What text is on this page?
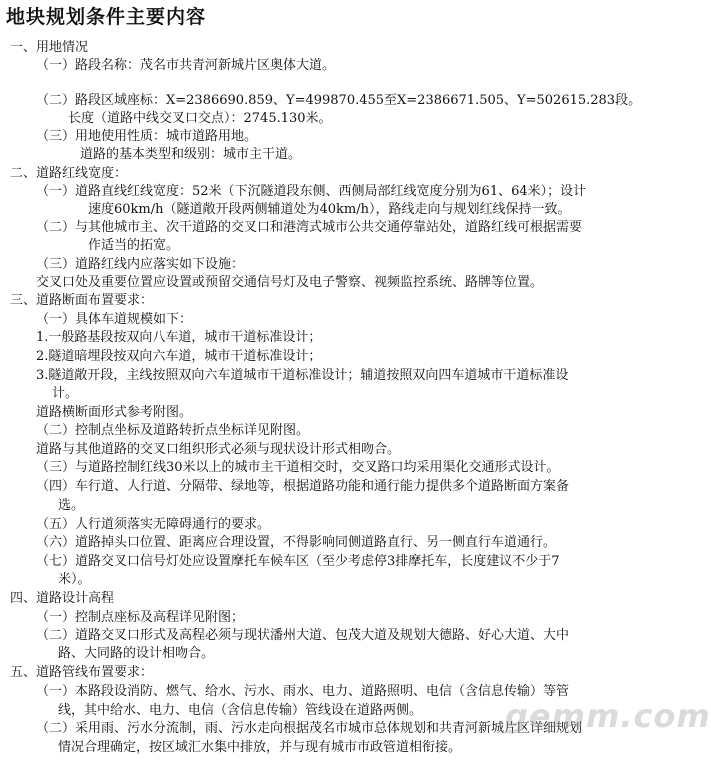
地块规划条件主要内容
一、用地情况
（一）路段名称：茂名市共青河新城片区奥体大道。
（二）路段区域座标：X=2386690.859、Y=499870.455至X=2386671.505、Y=502615.283段。
长度（道路中线交叉口交点）：2745.130米。
（三）用地使用性质：城市道路用地。
道路的基本类型和级别：城市主干道。
二、道路红线宽度：
（一）道路直线红线宽度：52米（下沉隧道段东侧、西侧局部红线宽度分别为61、64米）；设计
速度60km/h（隧道敞开段两侧辅道处为40km/h），路线走向与规划红线保持一致。
（二）与其他城市主、次干道路的交叉口和港湾式城市公共交通停靠站处，道路红线可根据需要
作适当的拓宽。
（三）道路红线内应落实如下设施：
交叉口处及重要位置应设置或预留交通信号灯及电子警察、视频监控系统、路牌等位置。
三、道路断面布置要求：
（一）具体车道规模如下：
1.一般路基段按双向八车道，城市干道标准设计；
2.隧道暗埋段按双向六车道，城市干道标准设计；
3.隧道敞开段，主线按照双向六车道城市干道标准设计；辅道按照双向四车道城市干道标准设
计。
道路横断面形式参考附图。
（二）控制点坐标及道路转折点坐标详见附图。
道路与其他道路的交叉口组织形式必须与现状设计形式相吻合。
（三）与道路控制红线30米以上的城市主干道相交时，交叉路口均采用渠化交通形式设计。
（四）车行道、人行道、分隔带、绿地等，根据道路功能和通行能力提供多个道路断面方案备
选。
（五）人行道须落实无障碍通行的要求。
（六）道路掉头口位置、距离应合理设置，不得影响同侧道路直行、另一侧直行车道通行。
（七）道路交叉口信号灯处应设置摩托车候车区（至少考虑停3排摩托车，长度建议不少于7
米）。
四、道路设计高程
（一）控制点座标及高程详见附图；
（二）道路交叉口形式及高程必须与现状潘州大道、包茂大道及规划大德路、好心大道、大中
路、大同路的设计相吻合。
五、道路管线布置要求：
（一）本路段设消防、燃气、给水、污水、雨水、电力、道路照明、电信（含信息传输）等管
线，其中给水、电力、电信（含信息传输）管线设在道路两侧。
（二）采用雨、污水分流制，雨、污水走向根据茂名市城市总体规划和共青河新城片区详细规划
情况合理确定，按区域汇水集中排放，并与现有城市市政管道相衔接。
gemm.com
